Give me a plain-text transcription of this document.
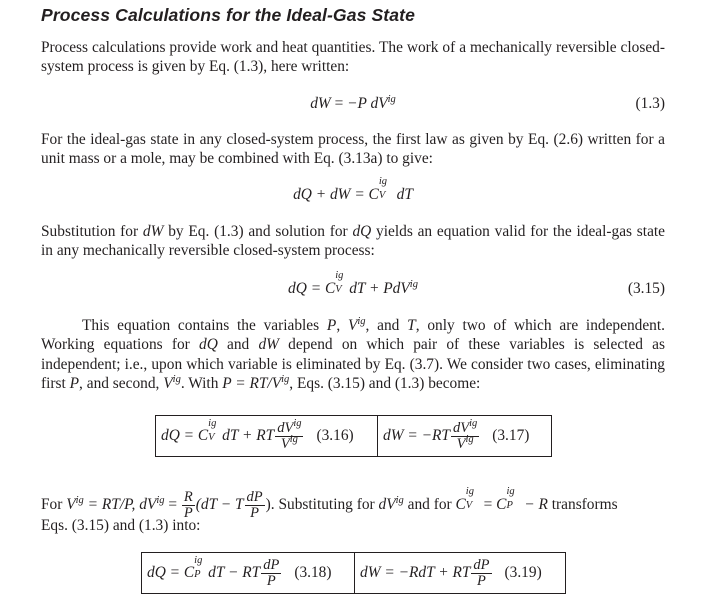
Process Calculations for the Ideal-Gas State
Process calculations provide work and heat quantities. The work of a mechanically reversible closed-system process is given by Eq. (1.3), here written:
dW = −P $dV^{ig}$	(1.3)
For the ideal-gas state in any closed-system process, the first law as given by Eq. (2.6) written for a unit mass or a mole, may be combined with Eq. (3.13a) to give:
dQ + dW = C
ig
V dT
Substitution for dW by Eq. (1.3) and solution for dQ yields an equation valid for the ideal-gas state in any mechanically reversible closed-system process:
dQ = C
ig
V dT + PdV$^{ig}$	(3.15)
This equation contains the variables P, $V^{ig}$, and T, only two of which are independent. Working equations for dQ and dW depend on which pair of these variables is selected as independent; i.e., upon which variable is eliminated by Eq. (3.7). We consider two cases, eliminating first P, and second, $V^{ig}$. With $P = RT/V^{ig}$, Eqs. (3.15) and (1.3) become:
dQ = C
ig
V dT + RT $\frac{dV^{ig}}{V^{ig}} (3.16)$ dW = $-RT \frac{dV^{ig}}{V^{ig}} (3.17)$
For $V^{ig} = RT/P$, $dV^{ig} = \frac{R}{P} (dT - T \frac{dP}{P}$ ). Substituting for $dV^{ig}$ and for C
ig
V = C
ig
P − R transforms
Eqs. (3.15) and (1.3) into:
dQ = C
ig
P dT − RT $\frac{dP}{P} (3.18)$ dW = −RdT + RT $\frac{dP}{P} (3.19)$
